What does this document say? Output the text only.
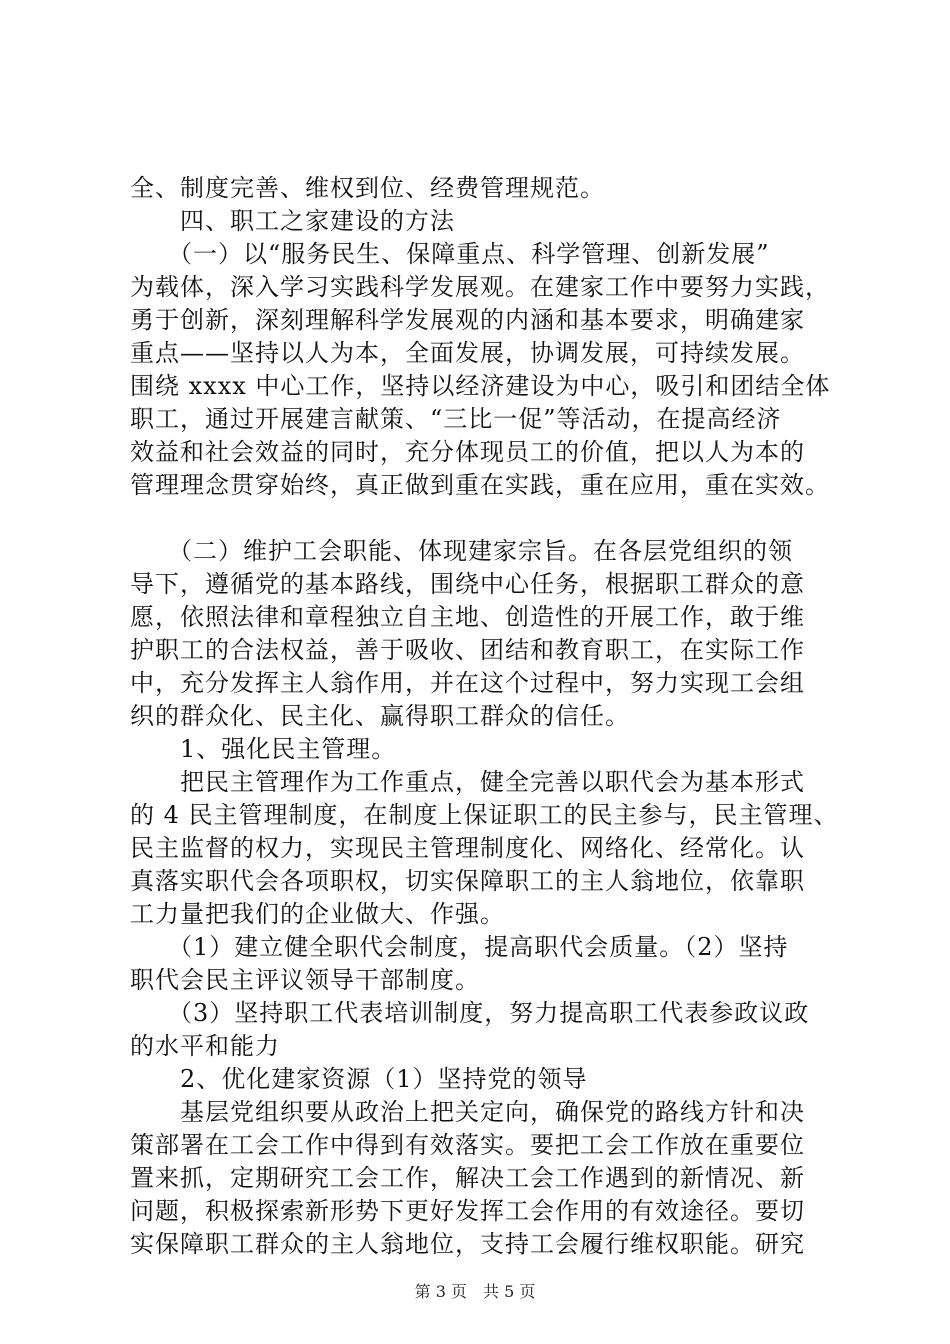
全、制度完善、维权到位、经费管理规范。
　　四、职工之家建设的方法
　　（一）以“服务民生、保障重点、科学管理、创新发展”
为载体，深入学习实践科学发展观。在建家工作中要努力实践，
勇于创新，深刻理解科学发展观的内涵和基本要求，明确建家
重点——坚持以人为本，全面发展，协调发展，可持续发展。
围绕 xxxx 中心工作，坚持以经济建设为中心，吸引和团结全体
职工，通过开展建言献策、“三比一促”等活动，在提高经济
效益和社会效益的同时，充分体现员工的价值，把以人为本的
管理理念贯穿始终，真正做到重在实践，重在应用，重在实效。
　　（二）维护工会职能、体现建家宗旨。在各层党组织的领
导下，遵循党的基本路线，围绕中心任务，根据职工群众的意
愿，依照法律和章程独立自主地、创造性的开展工作，敢于维
护职工的合法权益，善于吸收、团结和教育职工，在实际工作
中，充分发挥主人翁作用，并在这个过程中，努力实现工会组
织的群众化、民主化、赢得职工群众的信任。
　　1、强化民主管理。
　　把民主管理作为工作重点，健全完善以职代会为基本形式
的 4 民主管理制度，在制度上保证职工的民主参与，民主管理、
民主监督的权力，实现民主管理制度化、网络化、经常化。认
真落实职代会各项职权，切实保障职工的主人翁地位，依靠职
工力量把我们的企业做大、作强。
　　（1）建立健全职代会制度，提高职代会质量。（2）坚持
职代会民主评议领导干部制度。
　　（3）坚持职工代表培训制度，努力提高职工代表参政议政
的水平和能力
　　2、优化建家资源（1）坚持党的领导
　　基层党组织要从政治上把关定向，确保党的路线方针和决
策部署在工会工作中得到有效落实。要把工会工作放在重要位
置来抓，定期研究工会工作，解决工会工作遇到的新情况、新
问题，积极探索新形势下更好发挥工会作用的有效途径。要切
实保障职工群众的主人翁地位，支持工会履行维权职能。研究
第 3 页　共 5 页
